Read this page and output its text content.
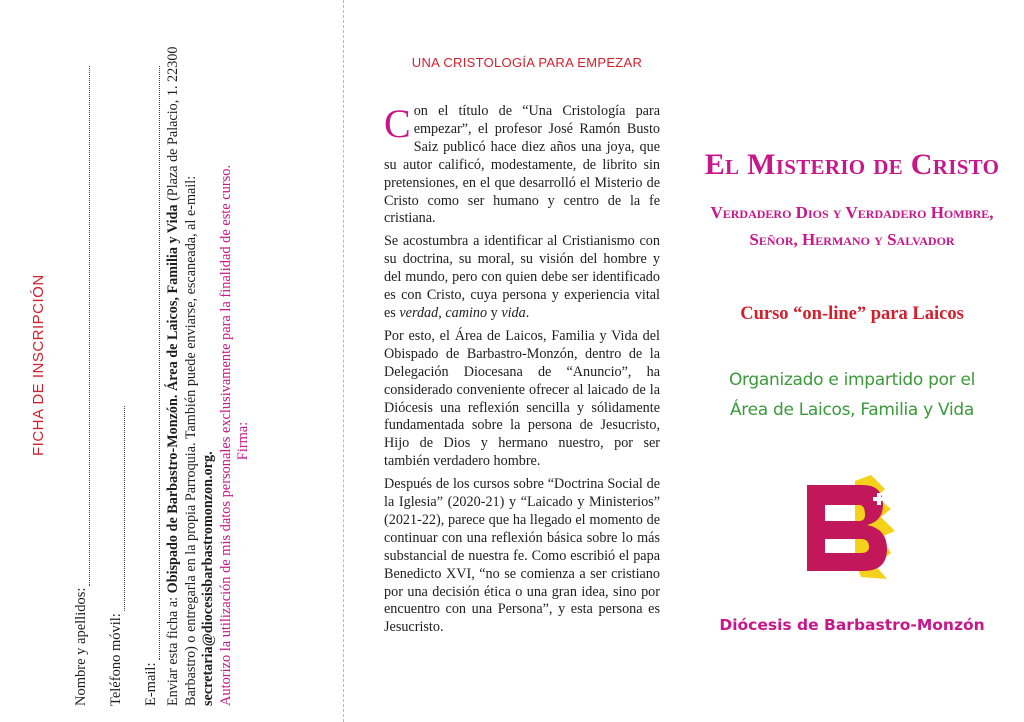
FICHA DE INSCRIPCIÓN
Nombre y apellidos: Teléfono móvil: E-mail: Enviar esta ficha a: Obispado de Barbastro-Monzón. Área de Laicos, Familia y Vida (Plaza de Palacio, 1. 22300 Barbastro) o entregarla en la propia Parroquia. También puede enviarse, escaneada, al e-mail: secretaria@diocesisbarbastromonzon.org. Autorizo la utilización de mis datos personales exclusivamente para la finalidad de este curso. Firma:
UNA CRISTOLOGÍA PARA EMPEZAR

Con el título de “Una Cristología para empezar”, el profesor José Ramón Busto Saiz publicó hace diez años una joya, que su autor calificó, modestamente, de librito sin pretensiones, en el que desarrolló el Misterio de Cristo como ser humano y centro de la fe cristiana.

Se acostumbra a identificar al Cristianismo con su doctrina, su moral, su visión del hombre y del mundo, pero con quien debe ser identificado es con Cristo, cuya persona y experiencia vital es verdad, camino y vida.

Por esto, el Área de Laicos, Familia y Vida del Obispado de Barbastro-Monzón, dentro de la Delegación Diocesana de “Anuncio”, ha considerado conveniente ofrecer al laicado de la Diócesis una reflexión sencilla y sólidamente fundamentada sobre la persona de Jesucristo, Hijo de Dios y hermano nuestro, por ser también verdadero hombre.

Después de los cursos sobre “Doctrina Social de la Iglesia” (2020-21) y “Laicado y Ministerios” (2021-22), parece que ha llegado el momento de continuar con una reflexión básica sobre lo más substancial de nuestra fe. Como escribió el papa Benedicto XVI, “no se comienza a ser cristiano por una decisión ética o una gran idea, sino por encuentro con una Persona”, y esta persona es Jesucristo.

El Misterio de Cristo
Verdadero Dios y Verdadero Hombre,
Señor, Hermano y Salvador
Curso “on-line” para Laicos
Organizado e impartido por el
Área de Laicos, Familia y Vida
Diócesis de Barbastro-Monzón
